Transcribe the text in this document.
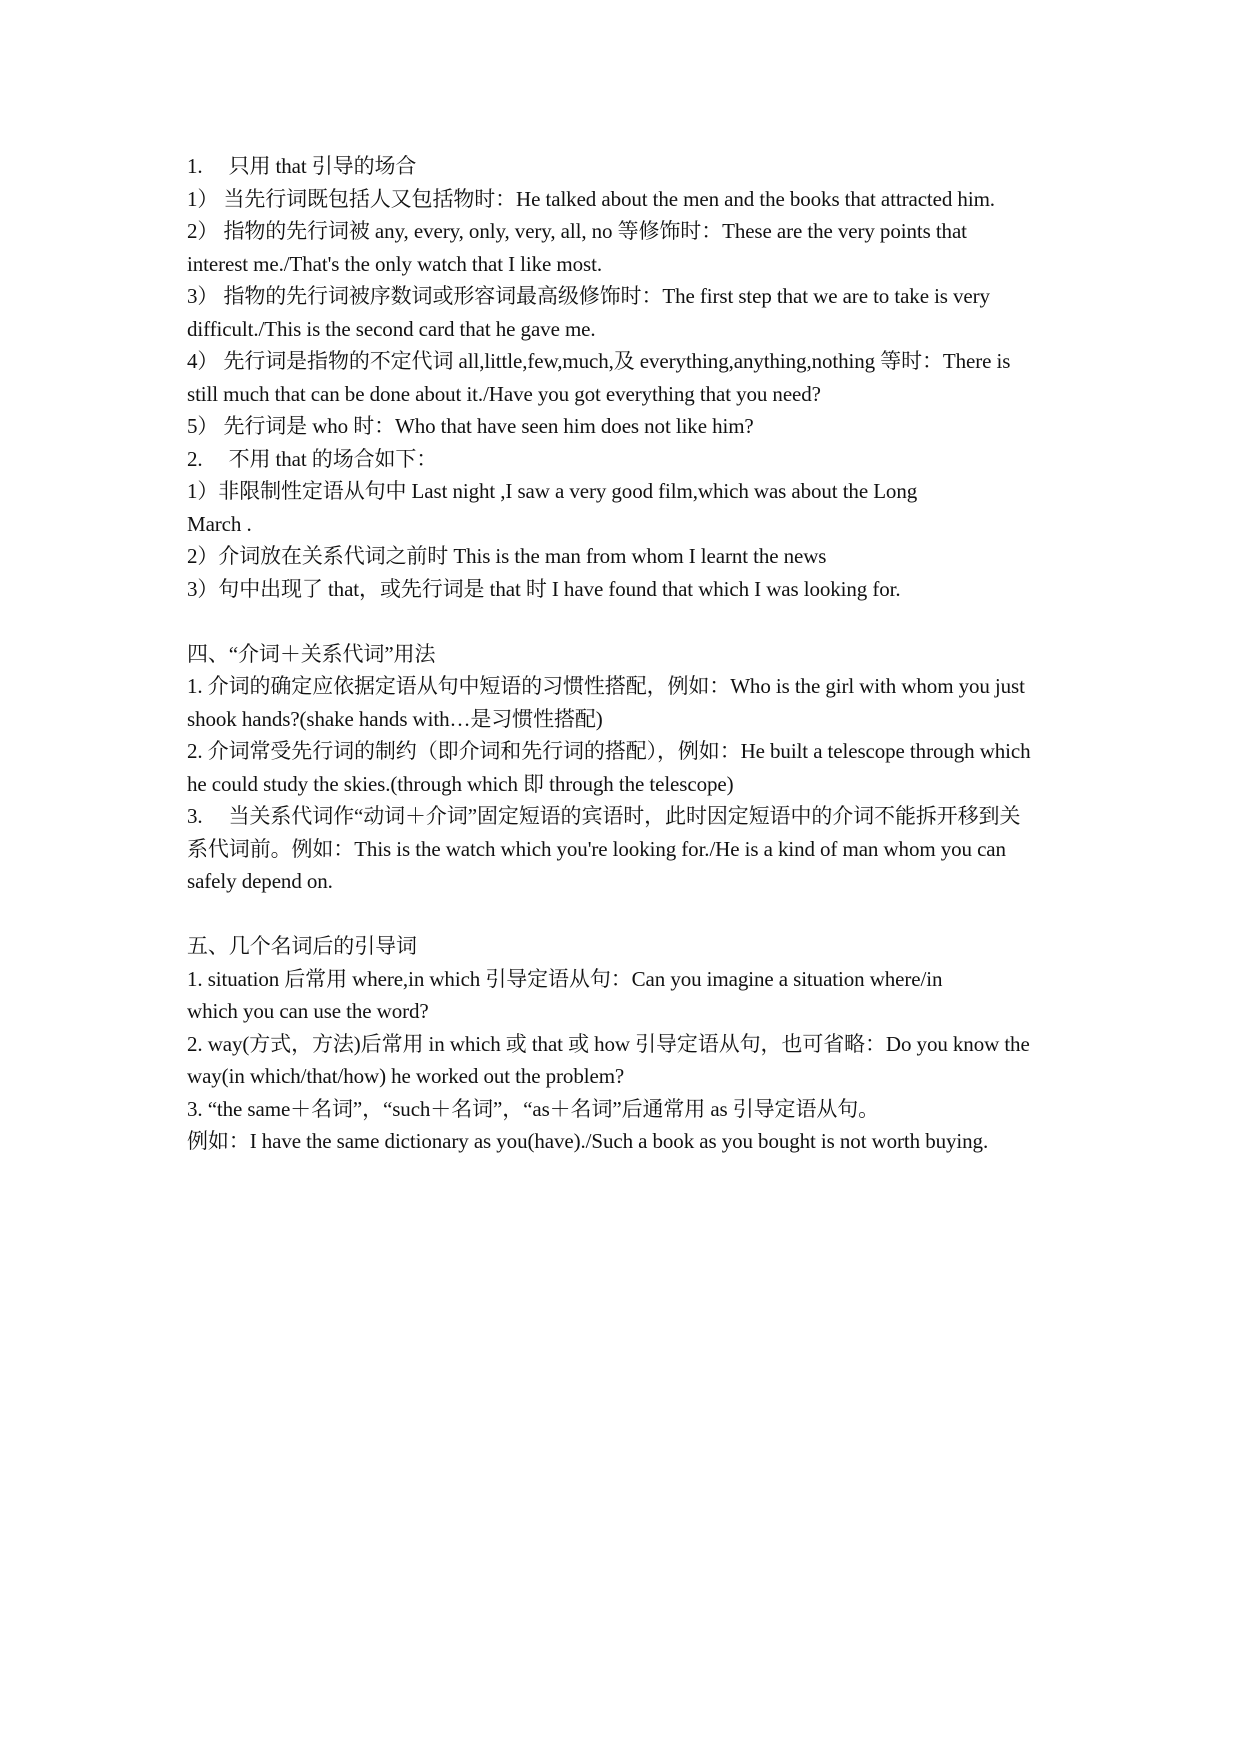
1.　 只用 that 引导的场合
1） 当先行词既包括人又包括物时：He talked about the men and the books that attracted him.
2） 指物的先行词被 any, every, only, very, all, no 等修饰时：These are the very points that
interest me./That's the only watch that I like most.
3） 指物的先行词被序数词或形容词最高级修饰时：The first step that we are to take is very
difficult./This is the second card that he gave me.
4） 先行词是指物的不定代词 all,little,few,much,及 everything,anything,nothing 等时：There is
still much that can be done about it./Have you got everything that you need?
5） 先行词是 who 时：Who that have seen him does not like him?
2.　 不用 that 的场合如下：
1）非限制性定语从句中 Last night ,I saw a very good film,which was about the Long
March .
2）介词放在关系代词之前时 This is the man from whom I learnt the news
3）句中出现了 that，或先行词是 that 时 I have found that which I was looking for.
四、“介词＋关系代词”用法
1. 介词的确定应依据定语从句中短语的习惯性搭配，例如：Who is the girl with whom you just
shook hands?(shake hands with…是习惯性搭配)
2. 介词常受先行词的制约（即介词和先行词的搭配），例如：He built a telescope through which
he could study the skies.(through which 即 through the telescope)
3.　 当关系代词作“动词＋介词”固定短语的宾语时，此时因定短语中的介词不能拆开移到关
系代词前。例如：This is the watch which you're looking for./He is a kind of man whom you can
safely depend on.
五、几个名词后的引导词
1. situation 后常用 where,in which 引导定语从句：Can you imagine a situation where/in
which you can use the word?
2. way(方式，方法)后常用 in which 或 that 或 how 引导定语从句，也可省略：Do you know the
way(in which/that/how) he worked out the problem?
3. “the same＋名词”，“such＋名词”，“as＋名词”后通常用 as 引导定语从句。
例如：I have the same dictionary as you(have)./Such a book as you bought is not worth buying.
